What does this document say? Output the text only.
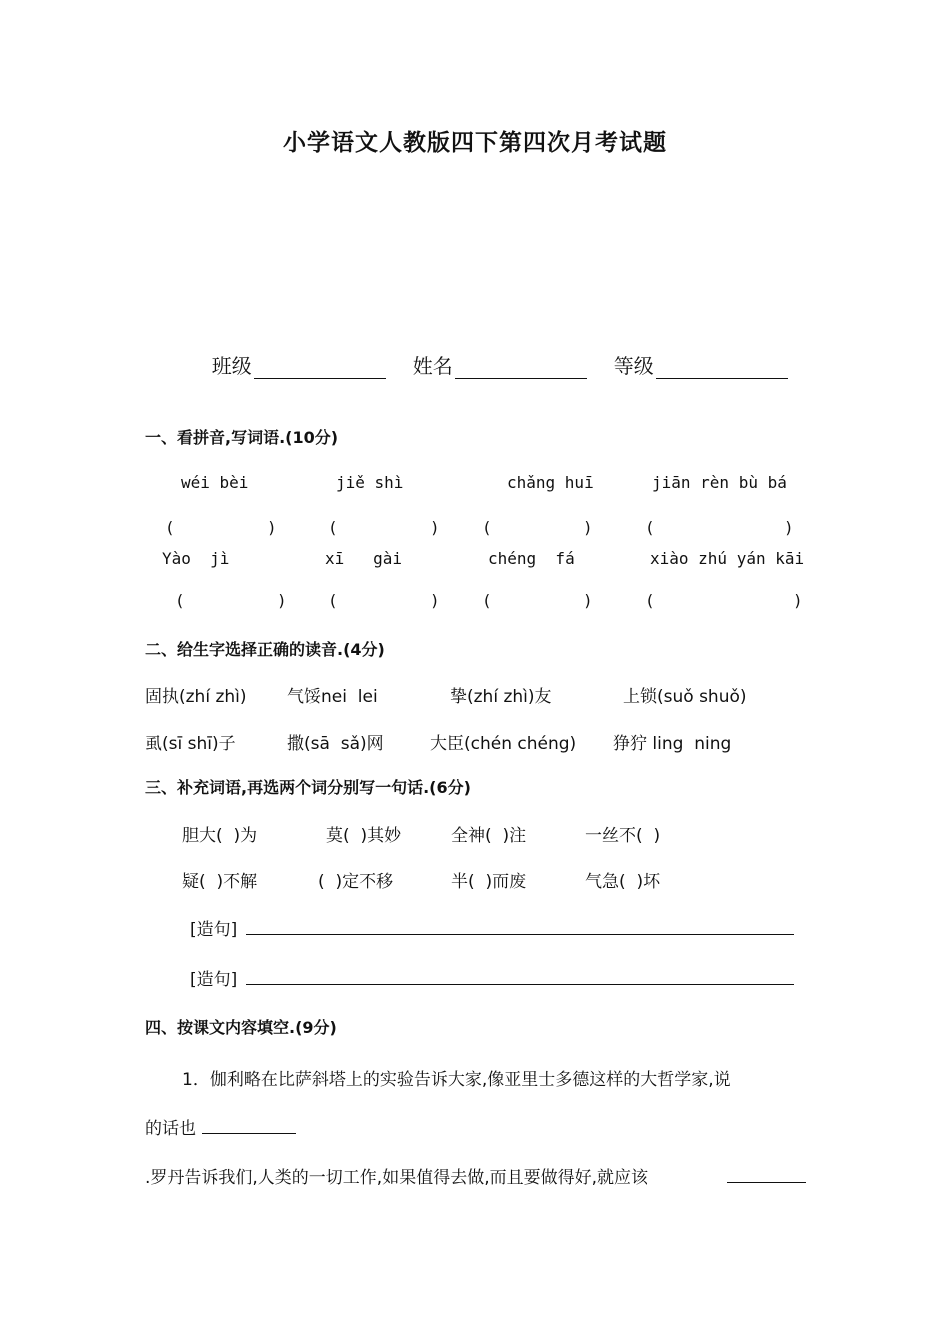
小学语文人教版四下第四次月考试题

班级	姓名	等级

一、看拼音,写词语.(10分)
wéi bèi	jiě shì	chǎng huī	jiān rèn bù bá
(	)	(	)	(	)	(	)
Yào  jì	xī   gài	chéng  fá	xiào zhú yán kāi
(	)	(	)	(	)	(	)
二、给生字选择正确的读音.(4分)
固执(zhí zhì) 气馁nei  lei	挚(zhí zhì)友	上锁(suǒ shuǒ)
虱(sī shī)子	撒(sā  sǎ)网	大臣(chén chéng) 狰狞 ling  ning
三、补充词语,再选两个词分别写一句话.(6分)
胆大(  )为	莫(  )其妙	全神(  )注	一丝不(  )
疑(  )不解	(  )定不移	半(  )而废	气急(  )坏
[造句]
[造句]
四、按课文内容填空.(9分)
1．伽利略在比萨斜塔上的实验告诉大家,像亚里士多德这样的大哲学家,说
的话也
.罗丹告诉我们,人类的一切工作,如果值得去做,而且要做得好,就应该
